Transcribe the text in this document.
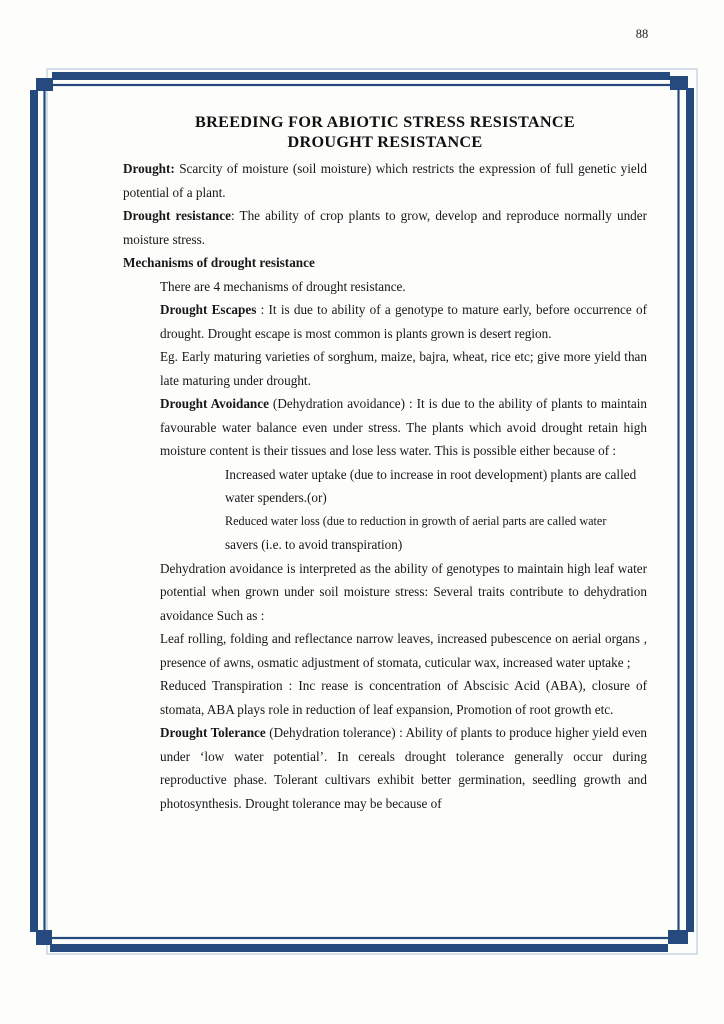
88

BREEDING FOR ABIOTIC STRESS RESISTANCE

DROUGHT RESISTANCE

Drought: Scarcity of moisture (soil moisture) which restricts the expression of full genetic yield potential of a plant.

Drought resistance: The ability of crop plants to grow, develop and reproduce normally under moisture stress.

Mechanisms of drought resistance

There are 4 mechanisms of drought resistance.

Drought Escapes : It is due to ability of a genotype to mature early, before occurrence of drought. Drought escape is most common is plants grown is desert region.

Eg. Early maturing varieties of sorghum, maize, bajra, wheat, rice etc; give more yield than late maturing under drought.

Drought Avoidance (Dehydration avoidance) : It is due to the ability of plants to maintain favourable water balance even under stress. The plants which avoid drought retain high moisture content is their tissues and lose less water. This is possible either because of :

Increased water uptake (due to increase in root development) plants are called water spenders.(or)

Reduced water loss (due to reduction in growth of aerial parts are called water

savers (i.e. to avoid transpiration)

Dehydration avoidance is interpreted as the ability of genotypes to maintain high leaf water potential when grown under soil moisture stress: Several traits contribute to dehydration avoidance Such as :

Leaf rolling, folding and reflectance narrow leaves, increased pubescence on aerial organs , presence of awns, osmatic adjustment of stomata, cuticular wax, increased water uptake ;

Reduced Transpiration : Inc rease is concentration of Abscisic Acid (ABA), closure of stomata, ABA plays role in reduction of leaf expansion, Promotion of root growth etc.

Drought Tolerance (Dehydration tolerance) : Ability of plants to produce higher yield even under ‘low water potential’. In cereals drought tolerance generally occur during reproductive phase. Tolerant cultivars exhibit better germination, seedling growth and photosynthesis. Drought tolerance may be because of
